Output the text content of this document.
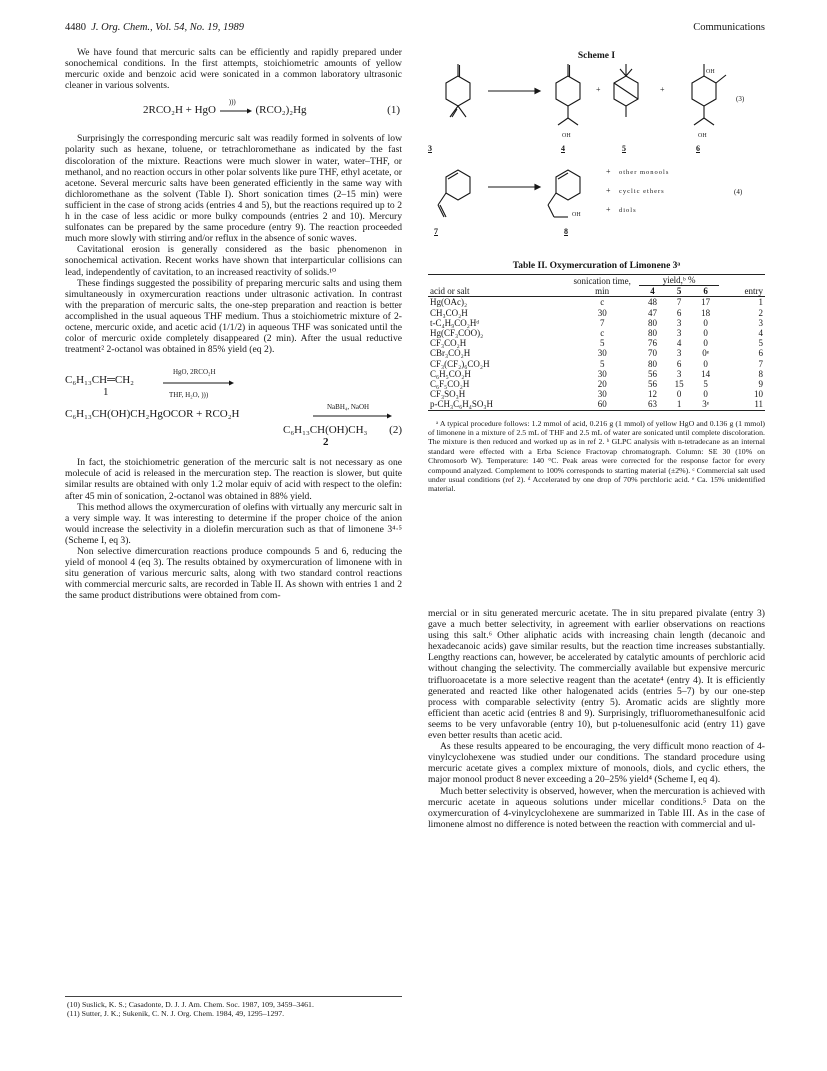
4480 J. Org. Chem., Vol. 54, No. 19, 1989	Communications

We have found that mercuric salts can be efficiently and rapidly prepared under sonochemical conditions. In the first attempts, stoichiometric amounts of yellow mercuric oxide and benzoic acid were sonicated in a common laboratory ultrasonic cleaner in various solvents.

2RCO₂H + HgO
)))
(RCO₂)₂Hg	(1)

Surprisingly the corresponding mercuric salt was readily formed in solvents of low polarity such as hexane, toluene, or tetrachloromethane as indicated by the fast discoloration of the mixture. Reactions were much slower in water, water–THF, or methanol, and no reaction occurs in other polar solvents like pure THF, ethyl acetate, or acetone. Several mercuric salts have been generated efficiently in the same way with dichloromethane as the solvent (Table I). Short sonication times (2–15 min) were sufficient in the case of strong acids (entries 4 and 5), but the reactions required up to 2 h in the case of less acidic or more bulky compounds (entries 2 and 10). Mercury sulfonates can be prepared by the same procedure (entry 9). The reaction proceeded much more slowly with stirring and/or reflux in the absence of sonic waves.

Cavitational erosion is generally considered as the basic phenomenon in sonochemical activation. Recent works have shown that interparticular collisions can lead, independently of cavitation, to an increased reactivity of solids.¹⁰

These findings suggested the possibility of preparing mercuric salts and using them simultaneously in oxymercuration reactions under ultrasonic activation. In contrast with the preparation of mercuric salts, the one-step preparation and reaction is better accomplished in the usual aqueous THF medium. Thus a stoichiometric mixture of 2-octene, mercuric oxide, and acetic acid (1/1/2) in aqueous THF was sonicated until the color of mercuric oxide completely disappeared (2 min). After the usual reductive treatment² 2-octanol was obtained in 85% yield (eq 2).

C₆H₁₃CH═CH₂
1
HgO, 2RCO₂H
THF, H₂O, )))
C₆H₁₃CH(OH)CH₂HgOCOR + RCO₂H
NaBH₄, NaOH
C₆H₁₃CH(OH)CH₃ (2)
2

In fact, the stoichiometric generation of the mercuric salt is not necessary as one molecule of acid is released in the mercuration step. The reaction is slower, but quite similar results are obtained with only 1.2 molar equiv of acid with respect to the olefin: after 45 min of sonication, 2-octanol was obtained in 88% yield.

This method allows the oxymercuration of olefins with virtually any mercuric salt in a very simple way. It was interesting to determine if the proper choice of the anion would increase the selectivity in a diolefin mercuration such as that of limonene 3⁴·⁵ (Scheme I, eq 3).

Non selective dimercuration reactions produce compounds 5 and 6, reducing the yield of monool 4 (eq 3). The results obtained by oxymercuration of limonene with in situ generation of various mercuric salts, along with two standard control reactions with commercial mercuric salts, are recorded in Table II. As shown with entries 1 and 2 the same product distributions were obtained from com-

(10) Suslick, K. S.; Casadonte, D. J. J. Am. Chem. Soc. 1987, 109, 3459–3461.
(11) Sutter, J. K.; Sukenik, C. N. J. Org. Chem. 1984, 49, 1295–1297.
Scheme I
OH
+	+
(3)
OH	OH
3	4	5	6
+ other monools
+ cyclic ethers	(4)
+ diols
OH
7	8
Table II. Oxymercuration of Limonene 3ᵃ
acid or salt	sonication time, min	yield,ᵇ %			entry
		4	5	6	
Hg(OAc)₂	c	48	7	17	1
CH₃CO₂H	30	47	6	18	2
t-C₄H₉CO₂Hᵈ	7	80	3	0	3
Hg(CF₃COO)₂	c	80	3	0	4
CF₃CO₂H	5	76	4	0	5
CBr₃CO₂H	30	70	3	0ᵉ	6
CF₃(CF₂)₆CO₂H	5	80	6	0	7
C₆H₅CO₂H	30	56	3	14	8
C₆F₅CO₂H	20	56	15	5	9
CF₃SO₃H	30	12	0	0	10
p-CH₃C₆H₄SO₃H	60	63	1	3ᵉ	11
ᵃ A typical procedure follows: 1.2 mmol of acid, 0.216 g (1 mmol) of yellow HgO and 0.136 g (1 mmol) of limonene in a mixture of 2.5 mL of THF and 2.5 mL of water are sonicated until complete discoloration. The mixture is then reduced and worked up as in ref 2. ᵇ GLPC analysis with n-tetradecane as an internal standard were effected with a Erba Science Fractovap chromatograph. Column: SE 30 (10% on Chromosorb W). Temperature: 140 °C. Peak areas were corrected for the response factor for every compound analyzed. Complement to 100% corresponds to starting material (±2%). ᶜ Commercial salt used under usual conditions (ref 2). ᵈ Accelerated by one drop of 70% perchloric acid. ᵉ Ca. 15% unidentified material.

mercial or in situ generated mercuric acetate. The in situ prepared pivalate (entry 3) gave a much better selectivity, in agreement with earlier observations on reactions using this salt.⁶ Other aliphatic acids with increasing chain length (decanoic and hexadecanoic acids) gave similar results, but the reaction time increases substantially. Lengthy reactions can, however, be accelerated by catalytic amounts of perchloric acid without changing the selectivity. The commercially available but expensive mercuric trifluoroacetate is a more selective reagent than the acetate⁴ (entry 4). It is efficiently generated and reacted like other halogenated acids (entries 5–7) by our one-step process with comparable selectivity (entry 5). Aromatic acids are slightly more efficient than acetic acid (entries 8 and 9). Surprisingly, trifluoromethanesulfonic acid seems to be very unfavorable (entry 10), but p-toluenesulfonic acid (entry 11) gave even better results than acetic acid.

As these results appeared to be encouraging, the very difficult mono reaction of 4-vinylcyclohexene was studied under our conditions. The standard procedure using mercuric acetate gives a complex mixture of monools, diols, and cyclic ethers, the major monool product 8 never exceeding a 20–25% yield⁴ (Scheme I, eq 4).

Much better selectivity is observed, however, when the mercuration is achieved with mercuric acetate in aqueous solutions under micellar conditions.⁵ Data on the oxymercuration of 4-vinylcyclohexene are summarized in Table III. As in the case of limonene almost no difference is noted between the reaction with commercial and ul-
